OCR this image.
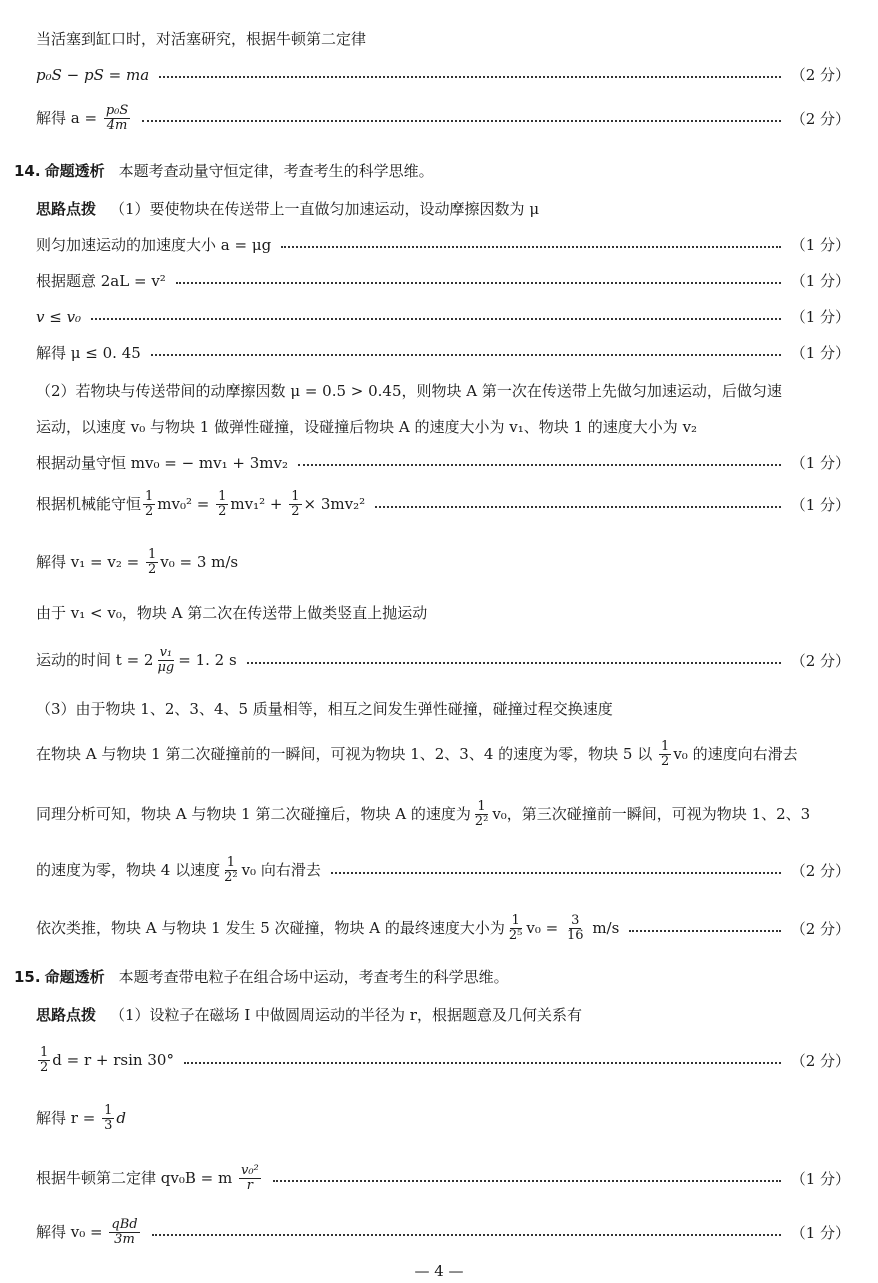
当活塞到缸口时，对活塞研究，根据牛顿第二定律
p₀S − pS = ma	（2 分）
解得 $a = \frac{\text{p₀S}}{4m}$	（2 分）
14. 命题透析 本题考查动量守恒定律，考查考生的科学思维。
思路点拨 （1）要使物块在传送带上一直做匀加速运动，设动摩擦因数为 μ
则匀加速运动的加速度大小 a = μg	（1 分）
根据题意 2aL = v²	（1 分）
v ≤ v₀	（1 分）
解得 μ ≤ 0. 45	（1 分）
（2）若物块与传送带间的动摩擦因数 μ = 0.5 > 0.45，则物块 A 第一次在传送带上先做匀加速运动，后做匀速
运动，以速度 v₀ 与物块 1 做弹性碰撞，设碰撞后物块 A 的速度大小为 v₁、物块 1 的速度大小为 v₂
根据动量守恒 mv₀ = − mv₁ + 3mv₂	（1 分）
根据机械能守恒 $\frac{1}{2} mv_0^2 = \frac{1}{2} mv_1^2 + \frac{1}{2} \times 3mv_2^2$	（1 分）
解得 $v_1 = v_2 = \frac{1}{2} v_0 = 3$ m/s
由于 v₁ < v₀，物块 A 第二次在传送带上做类竖直上抛运动
运动的时间 $t = 2 \frac{\text{v₁}}{\mu g} = 1$. 2 s	（2 分）
（3）由于物块 1、2、3、4、5 质量相等，相互之间发生弹性碰撞，碰撞过程交换速度
在物块 A 与物块 1 第二次碰撞前的一瞬间，可视为物块 1、2、3、4 的速度为零，物块 5 以 $\frac{1}{2} v_0$ 的速度向右滑去
同理分析可知，物块 A 与物块 1 第二次碰撞后，物块 A 的速度为 $\frac{1}{\text{2²}} v_0$，第三次碰撞前一瞬间，可视为物块 1、2、3
的速度为零，物块 4 以速度 $\frac{1}{\text{2²}} v_0$ 向右滑去	（2 分）
依次类推，物块 A 与物块 1 发生 5 次碰撞，物块 A 的最终速度大小为 $\frac{1}{\text{2⁵}} v_0 = \frac{3}{16} m/s$	（2 分）
15. 命题透析 本题考查带电粒子在组合场中运动，考查考生的科学思维。
思路点拨 （1）设粒子在磁场 Ⅰ 中做圆周运动的半径为 r，根据题意及几何关系有
$\frac{1}{2}$ d = r + rsin 30°	（2 分）
解得 $r = \frac{1}{3}$ d
根据牛顿第二定律 qv₀B = m $\frac{\text{v₀²}}{r}$	（1 分）
解得 $v_0 = \frac{\text{qBd}}{3m}$	（1 分）
— 4 —
